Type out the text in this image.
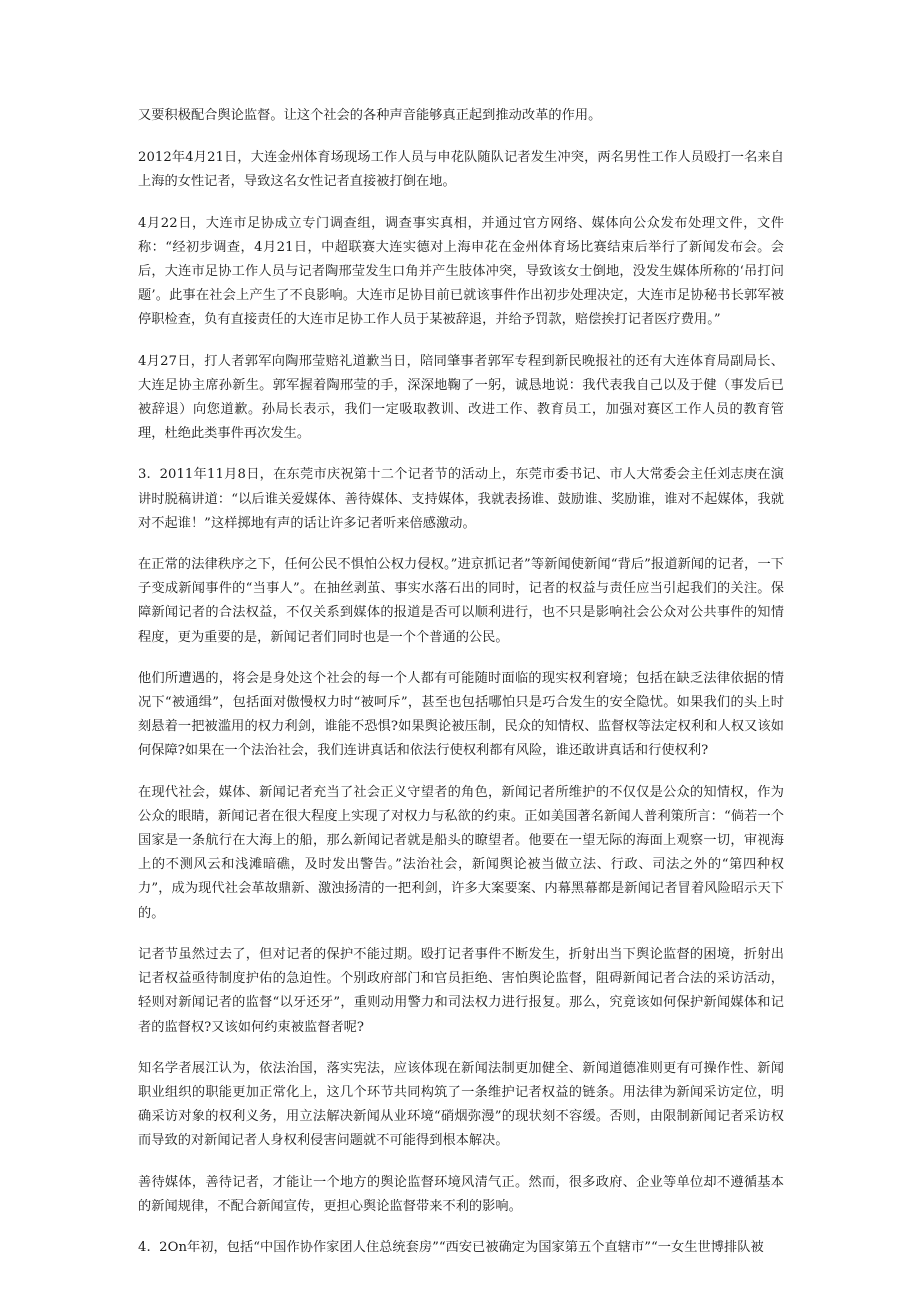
又要积极配合舆论监督。让这个社会的各种声音能够真正起到推动改革的作用。

2012年4月21日，大连金州体育场现场工作人员与申花队随队记者发生冲突，两名男性工作人员殴打一名来自上海的女性记者，导致这名女性记者直接被打倒在地。

4月22日，大连市足协成立专门调查组，调查事实真相，并通过官方网络、媒体向公众发布处理文件，文件称：“经初步调查，4月21日，中超联赛大连实德对上海申花在金州体育场比赛结束后举行了新闻发布会。会后，大连市足协工作人员与记者陶邢莹发生口角并产生肢体冲突，导致该女士倒地，没发生媒体所称的‘吊打问题’。此事在社会上产生了不良影响。大连市足协目前已就该事件作出初步处理决定，大连市足协秘书长郭军被停职检查，负有直接责任的大连市足协工作人员于某被辞退，并给予罚款，赔偿挨打记者医疗费用。”

4月27日，打人者郭军向陶邢莹赔礼道歉当日，陪同肇事者郭军专程到新民晚报社的还有大连体育局副局长、大连足协主席孙新生。郭军握着陶邢莹的手，深深地鞠了一躬，诚恳地说：我代表我自己以及于健（事发后已被辞退）向您道歉。孙局长表示，我们一定吸取教训、改进工作、教育员工，加强对赛区工作人员的教育管理，杜绝此类事件再次发生。

3.  2011年11月8日，在东莞市庆祝第十二个记者节的活动上，东莞市委书记、市人大常委会主任刘志庚在演讲时脱稿讲道：“以后谁关爱媒体、善待媒体、支持媒体，我就表扬谁、鼓励谁、奖励谁，谁对不起媒体，我就对不起谁！”这样掷地有声的话让许多记者听来倍感激动。

在正常的法律秩序之下，任何公民不惧怕公权力侵权。”进京抓记者”等新闻使新闻“背后”报道新闻的记者，一下子变成新闻事件的“当事人”。在抽丝剥茧、事实水落石出的同时，记者的权益与责任应当引起我们的关注。保障新闻记者的合法权益，不仅关系到媒体的报道是否可以顺利进行，也不只是影响社会公众对公共事件的知情程度，更为重要的是，新闻记者们同时也是一个个普通的公民。

他们所遭遇的，将会是身处这个社会的每一个人都有可能随时面临的现实权利窘境；包括在缺乏法律依据的情况下“被通缉”，包括面对傲慢权力时“被呵斥”，甚至也包括哪怕只是巧合发生的安全隐忧。如果我们的头上时刻悬着一把被滥用的权力利剑，谁能不恐惧?如果舆论被压制，民众的知情权、监督权等法定权利和人权又该如何保障?如果在一个法治社会，我们连讲真话和依法行使权利都有风险，谁还敢讲真话和行使权利?

在现代社会，媒体、新闻记者充当了社会正义守望者的角色，新闻记者所维护的不仅仅是公众的知情权，作为公众的眼睛，新闻记者在很大程度上实现了对权力与私欲的约束。正如美国著名新闻人普利策所言：“倘若一个国家是一条航行在大海上的船，那么新闻记者就是船头的瞭望者。他要在一望无际的海面上观察一切，审视海上的不测风云和浅滩暗礁，及时发出警告。”法治社会，新闻舆论被当做立法、行政、司法之外的“第四种权力”，成为现代社会革故鼎新、激浊扬清的一把利剑，许多大案要案、内幕黑幕都是新闻记者冒着风险昭示天下的。

记者节虽然过去了，但对记者的保护不能过期。殴打记者事件不断发生，折射出当下舆论监督的困境，折射出记者权益亟待制度护佑的急迫性。个别政府部门和官员拒绝、害怕舆论监督，阻碍新闻记者合法的采访活动，轻则对新闻记者的监督“以牙还牙”，重则动用警力和司法权力进行报复。那么，究竟该如何保护新闻媒体和记者的监督权?又该如何约束被监督者呢?

知名学者展江认为，依法治国，落实宪法，应该体现在新闻法制更加健全、新闻道德准则更有可操作性、新闻职业组织的职能更加正常化上，这几个环节共同构筑了一条维护记者权益的链条。用法律为新闻采访定位，明确采访对象的权利义务，用立法解决新闻从业环境“硝烟弥漫”的现状刻不容缓。否则，由限制新闻记者采访权而导致的对新闻记者人身权利侵害问题就不可能得到根本解决。

善待媒体，善待记者，才能让一个地方的舆论监督环境风清气正。然而，很多政府、企业等单位却不遵循基本的新闻规律，不配合新闻宣传，更担心舆论监督带来不利的影响。

4.  2On年初，包括“中国作协作家团人住总统套房”“西安已被确定为国家第五个直辖市”“一女生世博排队被
